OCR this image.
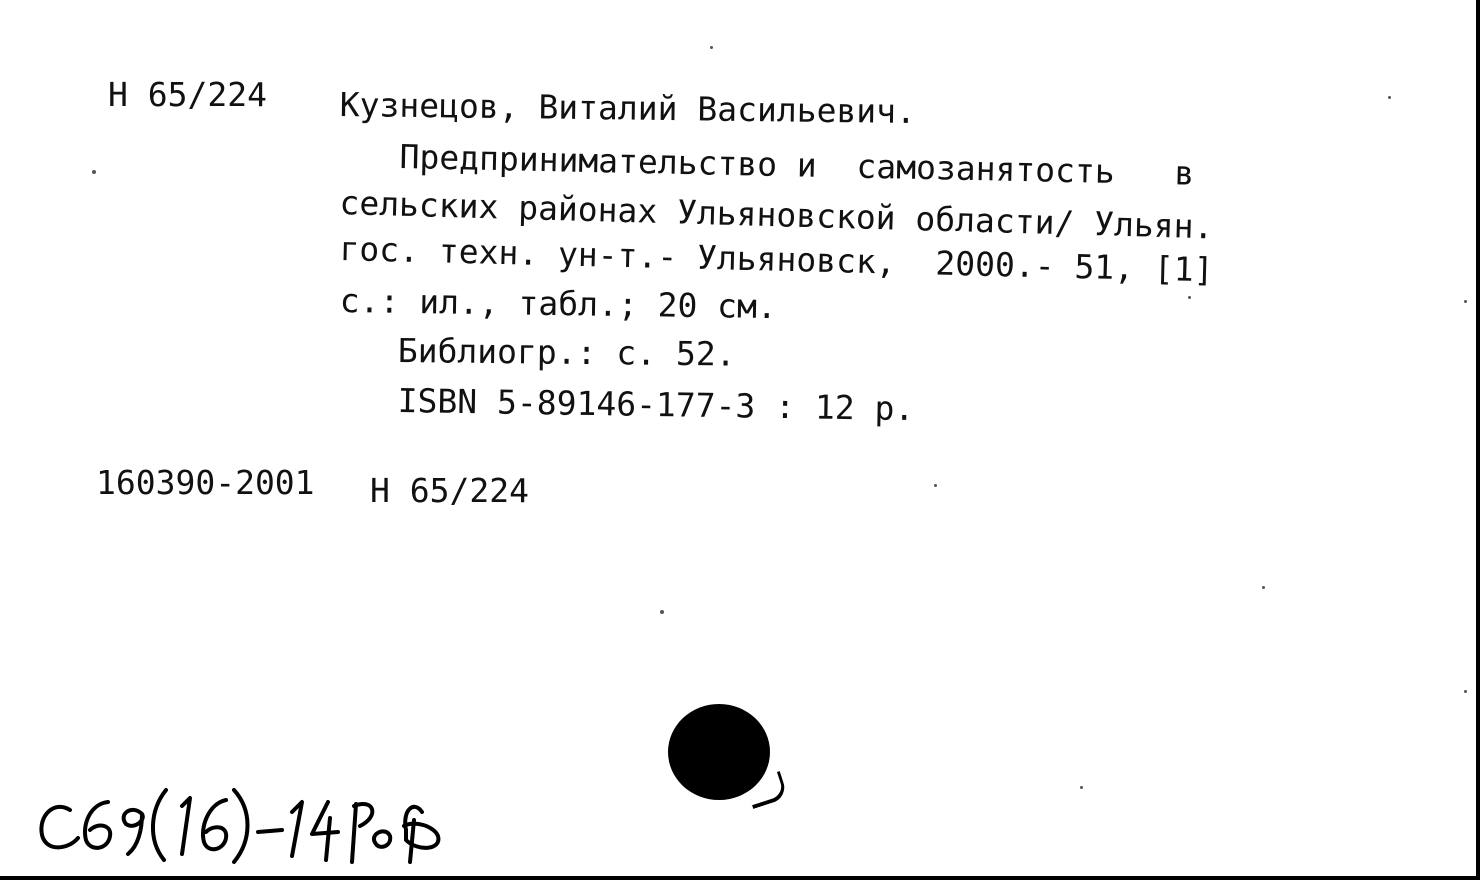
Н 65/224 Кузнецов, Виталий Васильевич.
Предпринимательство и  самозанятость   в
сельских районах Ульяновской области/ Ульян.
гос. техн. ун-т.- Ульяновск,  2000.- 51, [1]
с.: ил., табл.; 20 см.
Библиогр.: с. 52.
ISBN 5-89146-177-3 : 12 р.
160390-2001 Н 65/224
